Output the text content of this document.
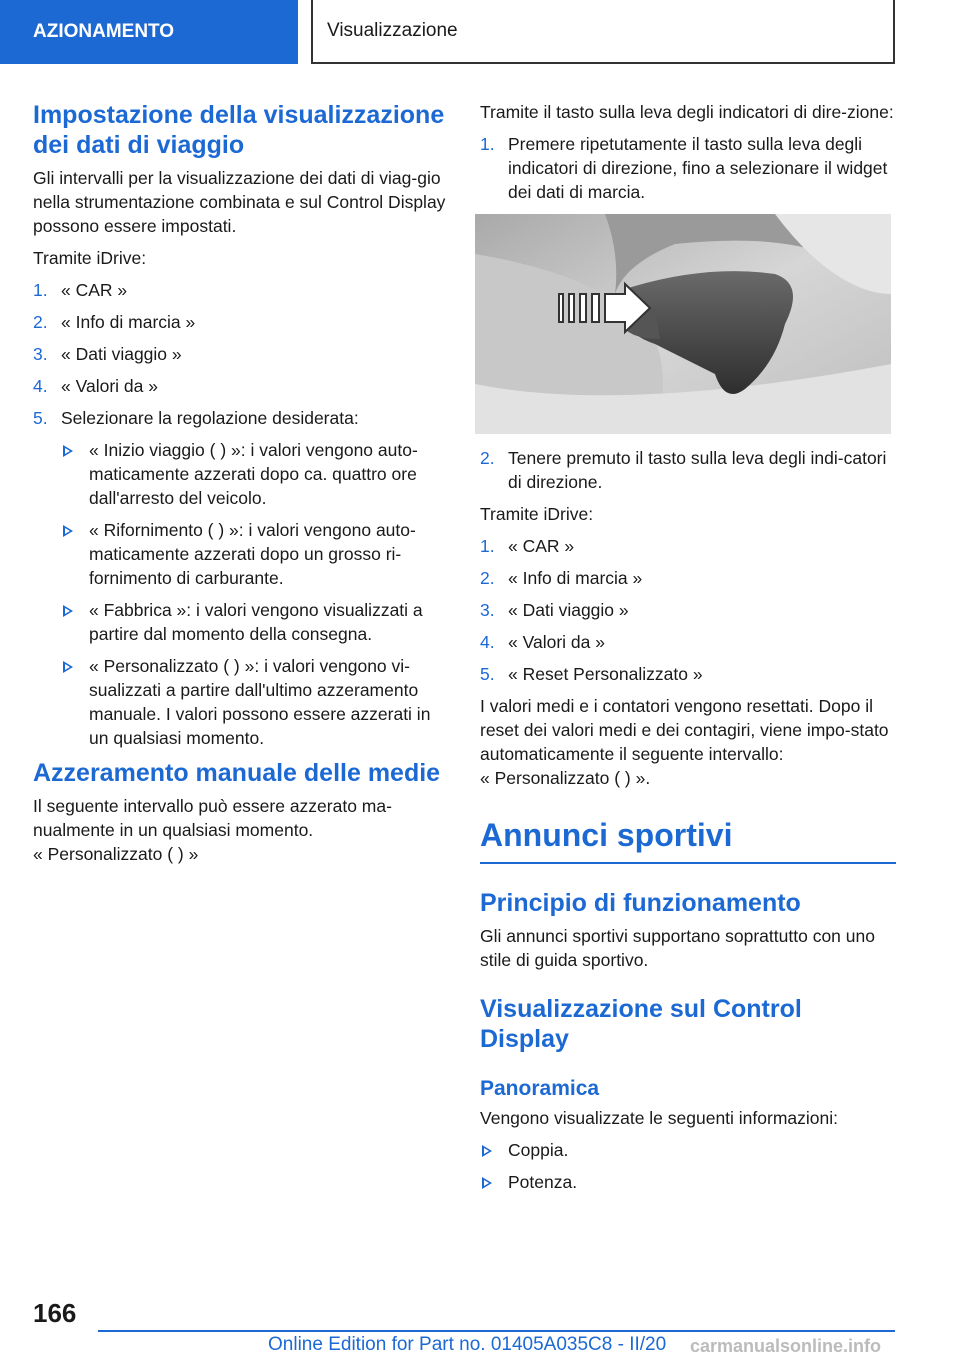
AZIONAMENTO	Visualizzazione
Impostazione della visualizzazione dei dati di viaggio

Gli intervalli per la visualizzazione dei dati di viag-gio nella strumentazione combinata e sul Control Display possono essere impostati.

Tramite iDrive:

1. « CAR »
2. « Info di marcia »
3. « Dati viaggio »
4. « Valori da »
5. Selezionare la regolazione desiderata:
« Inizio viaggio ( ) »: i valori vengono auto-maticamente azzerati dopo ca. quattro ore dall'arresto del veicolo.
« Rifornimento ( ) »: i valori vengono auto-maticamente azzerati dopo un grosso ri-fornimento di carburante.
« Fabbrica »: i valori vengono visualizzati a partire dal momento della consegna.
« Personalizzato ( ) »: i valori vengono vi-sualizzati a partire dall'ultimo azzeramento manuale. I valori possono essere azzerati in un qualsiasi momento.
Azzeramento manuale delle medie

Il seguente intervallo può essere azzerato ma-nualmente in un qualsiasi momento.
« Personalizzato ( ) »

Tramite il tasto sulla leva degli indicatori di dire-zione:

1. Premere ripetutamente il tasto sulla leva degli indicatori di direzione, fino a selezionare il widget dei dati di marcia.
2. Tenere premuto il tasto sulla leva degli indi-catori di direzione.

Tramite iDrive:

1. « CAR »
2. « Info di marcia »
3. « Dati viaggio »
4. « Valori da »
5. « Reset Personalizzato »

I valori medi e i contatori vengono resettati. Dopo il reset dei valori medi e dei contagiri, viene impo-stato automaticamente il seguente intervallo:
« Personalizzato ( ) ».

Annunci sportivi
Principio di funzionamento

Gli annunci sportivi supportano soprattutto con uno stile di guida sportivo.

Visualizzazione sul Control Display
Panoramica

Vengono visualizzate le seguenti informazioni:

Coppia.
Potenza.
166
Online Edition for Part no. 01405A035C8 - II/20 carmanualsonline.info
